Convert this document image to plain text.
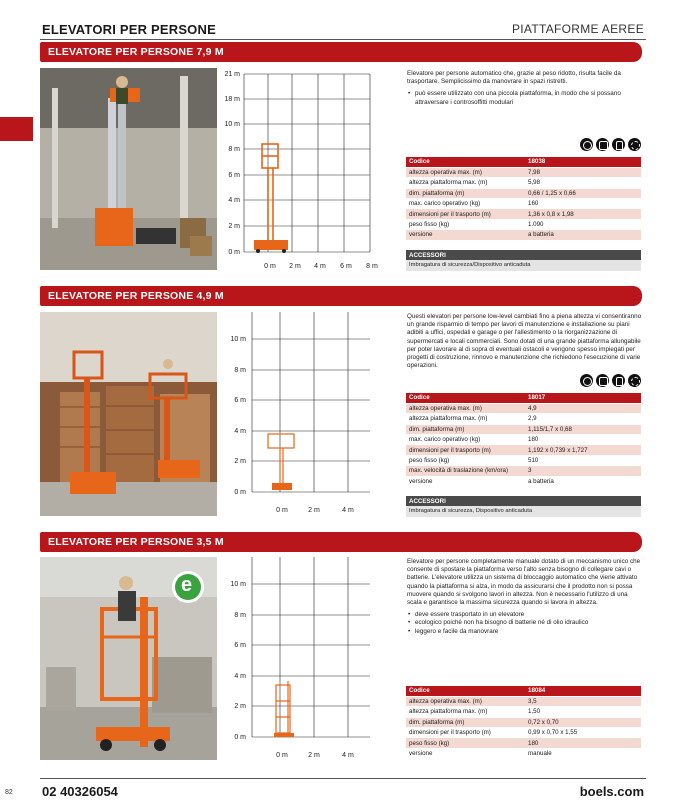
ELEVATORI PER PERSONE	PIATTAFORME AEREE
ELEVATORE PER PERSONE 7,9 M
21 m
18 m
10 m
8 m
6 m
4 m
2 m
0 m
0 m 2 m 4 m 6 m 8 m

Elevatore per persone automatico che, grazie al peso ridotto, risulta facile da trasportare. Semplicissimo da manovrare in spazi ristretti.

• può essere utilizzato con una piccola piattaforma, in modo che si possano attraversare i controsoffitti modulari
Codice	18038
altezza operativa max. (m)	7,98
altezza piattaforma max. (m)	5,98
dim. piattaforma (m)	0,66 / 1,25 x 0,66
max. carico operativo (kg)	160
dimensioni per il trasporto (m)	1,36 x 0,8 x 1,98
peso fisso (kg)	1.090
versione	a batteria
ACCESSORI
Imbragatura di sicurezza/Dispositivo anticaduta
ELEVATORE PER PERSONE 4,9 M
10 m
8 m
6 m
4 m
2 m
0 m
0 m	2 m	4 m

Questi elevatori per persone low-level cambiati fino a piena altezza vi consentiranno un grande risparmio di tempo per lavori di manutenzione e installazione su piani adibiti a uffici, ospedali e garage o per l'allestimento o la riorganizzazione di supermercati e locali commerciali. Sono dotati di una grande piattaforma allungabile per poter lavorare al di sopra di eventuali ostacoli e vengono spesso impiegati per progetti di costruzione, rinnovo e manutenzione che richiedono l'esecuzione di varie operazioni.

Codice	18017
altezza operativa max. (m)	4,9
altezza piattaforma max. (m)	2,9
dim. piattaforma (m)	1,115/1,7 x 0,68
max. carico operativo (kg)	180
dimensioni per il trasporto (m)	1,192 x 0,739 x 1,727
peso fisso (kg)	510
max. velocità di traslazione (km/ora)	3
versione	a batteria
ACCESSORI
Imbragatura di sicurezza, Dispositivo anticaduta
ELEVATORE PER PERSONE 3,5 M
e	10 m
8 m
6 m
4 m
2 m
0 m
0 m	2 m	4 m

Elevatore per persone completamente manuale dotato di un meccanismo unico che consente di spostare la piattaforma verso l'alto senza bisogno di collegare cavi o batterie. L'elevatore utilizza un sistema di bloccaggio automatico che viene attivato quando la piattaforma si alza, in modo da assicurarsi che il prodotto non si possa muovere quando si svolgono lavori in altezza. Non è necessario l'utilizzo di una scala e garantisce la massima sicurezza quando si lavora in altezza.

• deve essere trasportato in un elevatore
• ecologico poiché non ha bisogno di batterie né di olio idraulico
• leggero e facile da manovrare
Codice	18084
altezza operativa max. (m)	3,5
altezza piattaforma max. (m)	1,50
dim. piattaforma (m)	0,72 x 0,70
dimensioni per il trasporto (m)	0,99 x 0,70 x 1,55
peso fisso (kg)	180
versione	manuale
82 02 40326054	boels.com
